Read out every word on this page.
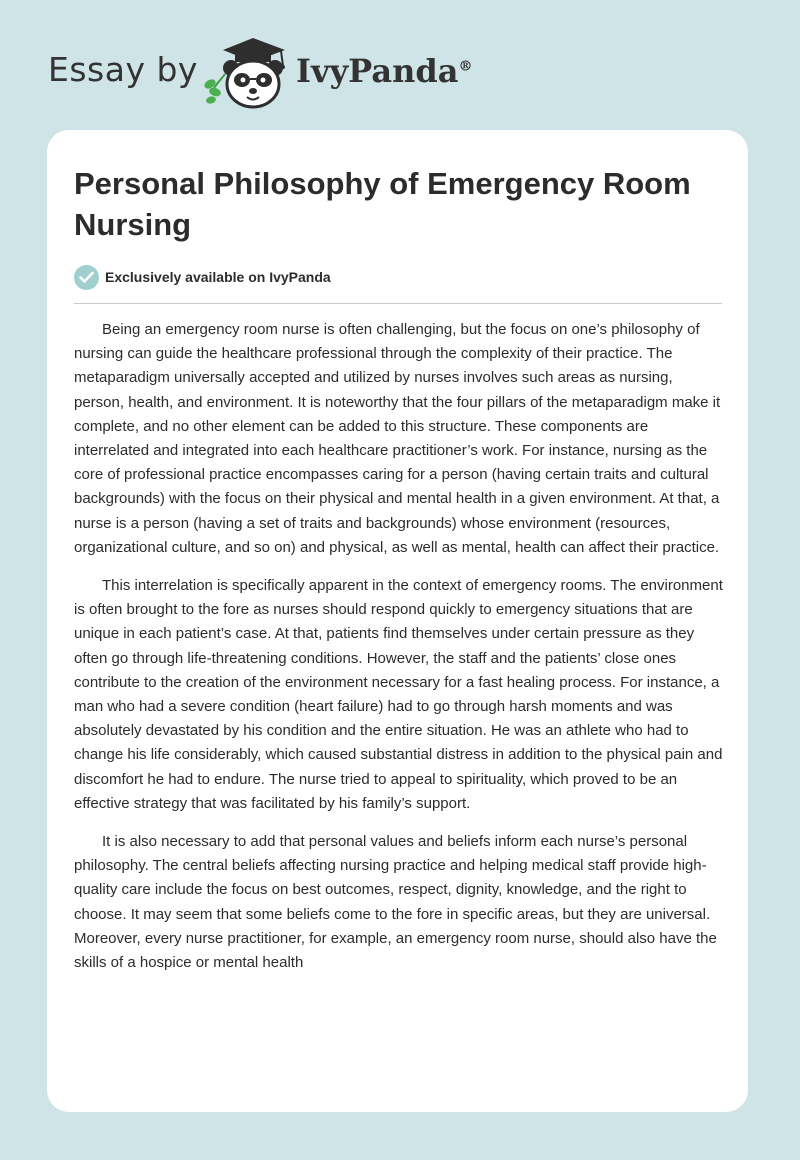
Essay by	IvyPanda®
Personal Philosophy of Emergency Room Nursing
Exclusively available on IvyPanda

Being an emergency room nurse is often challenging, but the focus on one’s philosophy of nursing can guide the healthcare professional through the complexity of their practice. The metaparadigm universally accepted and utilized by nurses involves such areas as nursing, person, health, and environment. It is noteworthy that the four pillars of the metaparadigm make it complete, and no other element can be added to this structure. These components are interrelated and integrated into each healthcare practitioner’s work. For instance, nursing as the core of professional practice encompasses caring for a person (having certain traits and cultural backgrounds) with the focus on their physical and mental health in a given environment. At that, a nurse is a person (having a set of traits and backgrounds) whose environment (resources, organizational culture, and so on) and physical, as well as mental, health can affect their practice.

This interrelation is specifically apparent in the context of emergency rooms. The environment is often brought to the fore as nurses should respond quickly to emergency situations that are unique in each patient’s case. At that, patients find themselves under certain pressure as they often go through life-threatening conditions. However, the staff and the patients’ close ones contribute to the creation of the environment necessary for a fast healing process. For instance, a man who had a severe condition (heart failure) had to go through harsh moments and was absolutely devastated by his condition and the entire situation. He was an athlete who had to change his life considerably, which caused substantial distress in addition to the physical pain and discomfort he had to endure. The nurse tried to appeal to spirituality, which proved to be an effective strategy that was facilitated by his family’s support.

It is also necessary to add that personal values and beliefs inform each nurse’s personal philosophy. The central beliefs affecting nursing practice and helping medical staff provide high-quality care include the focus on best outcomes, respect, dignity, knowledge, and the right to choose. It may seem that some beliefs come to the fore in specific areas, but they are universal. Moreover, every nurse practitioner, for example, an emergency room nurse, should also have the skills of a hospice or mental health
